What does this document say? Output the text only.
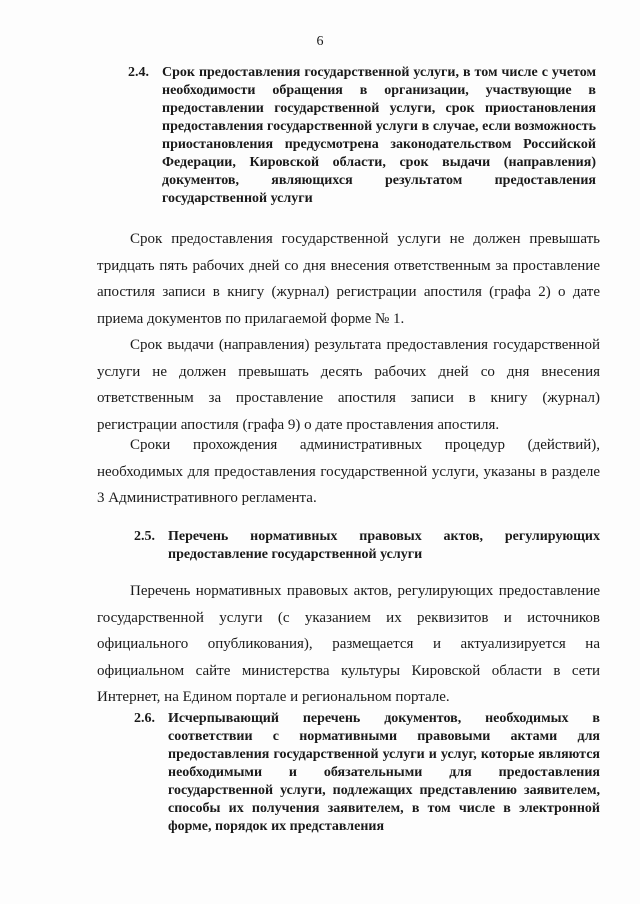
6
2.4. Срок предоставления государственной услуги, в том числе с учетом необходимости обращения в организации, участвующие в предоставлении государственной услуги, срок приостановления предоставления государственной услуги в случае, если возможность приостановления предусмотрена законодательством Российской Федерации, Кировской области, срок выдачи (направления) документов, являющихся результатом предоставления государственной услуги

Срок предоставления государственной услуги не должен превышать тридцать пять рабочих дней со дня внесения ответственным за проставление апостиля записи в книгу (журнал) регистрации апостиля (графа 2) о дате приема документов по прилагаемой форме № 1.

Срок выдачи (направления) результата предоставления государственной услуги не должен превышать десять рабочих дней со дня внесения ответственным за проставление апостиля записи в книгу (журнал) регистрации апостиля (графа 9) о дате проставления апостиля.

Сроки прохождения административных процедур (действий), необходимых для предоставления государственной услуги, указаны в разделе 3 Административного регламента.

2.5. Перечень нормативных правовых актов, регулирующих предоставление государственной услуги

Перечень нормативных правовых актов, регулирующих предоставление государственной услуги (с указанием их реквизитов и источников официального опубликования), размещается и актуализируется на официальном сайте министерства культуры Кировской области в сети Интернет, на Едином портале и региональном портале.

2.6. Исчерпывающий перечень документов, необходимых в соответствии с нормативными правовыми актами для предоставления государственной услуги и услуг, которые являются необходимыми и обязательными для предоставления государственной услуги, подлежащих представлению заявителем, способы их получения заявителем, в том числе в электронной форме, порядок их представления
